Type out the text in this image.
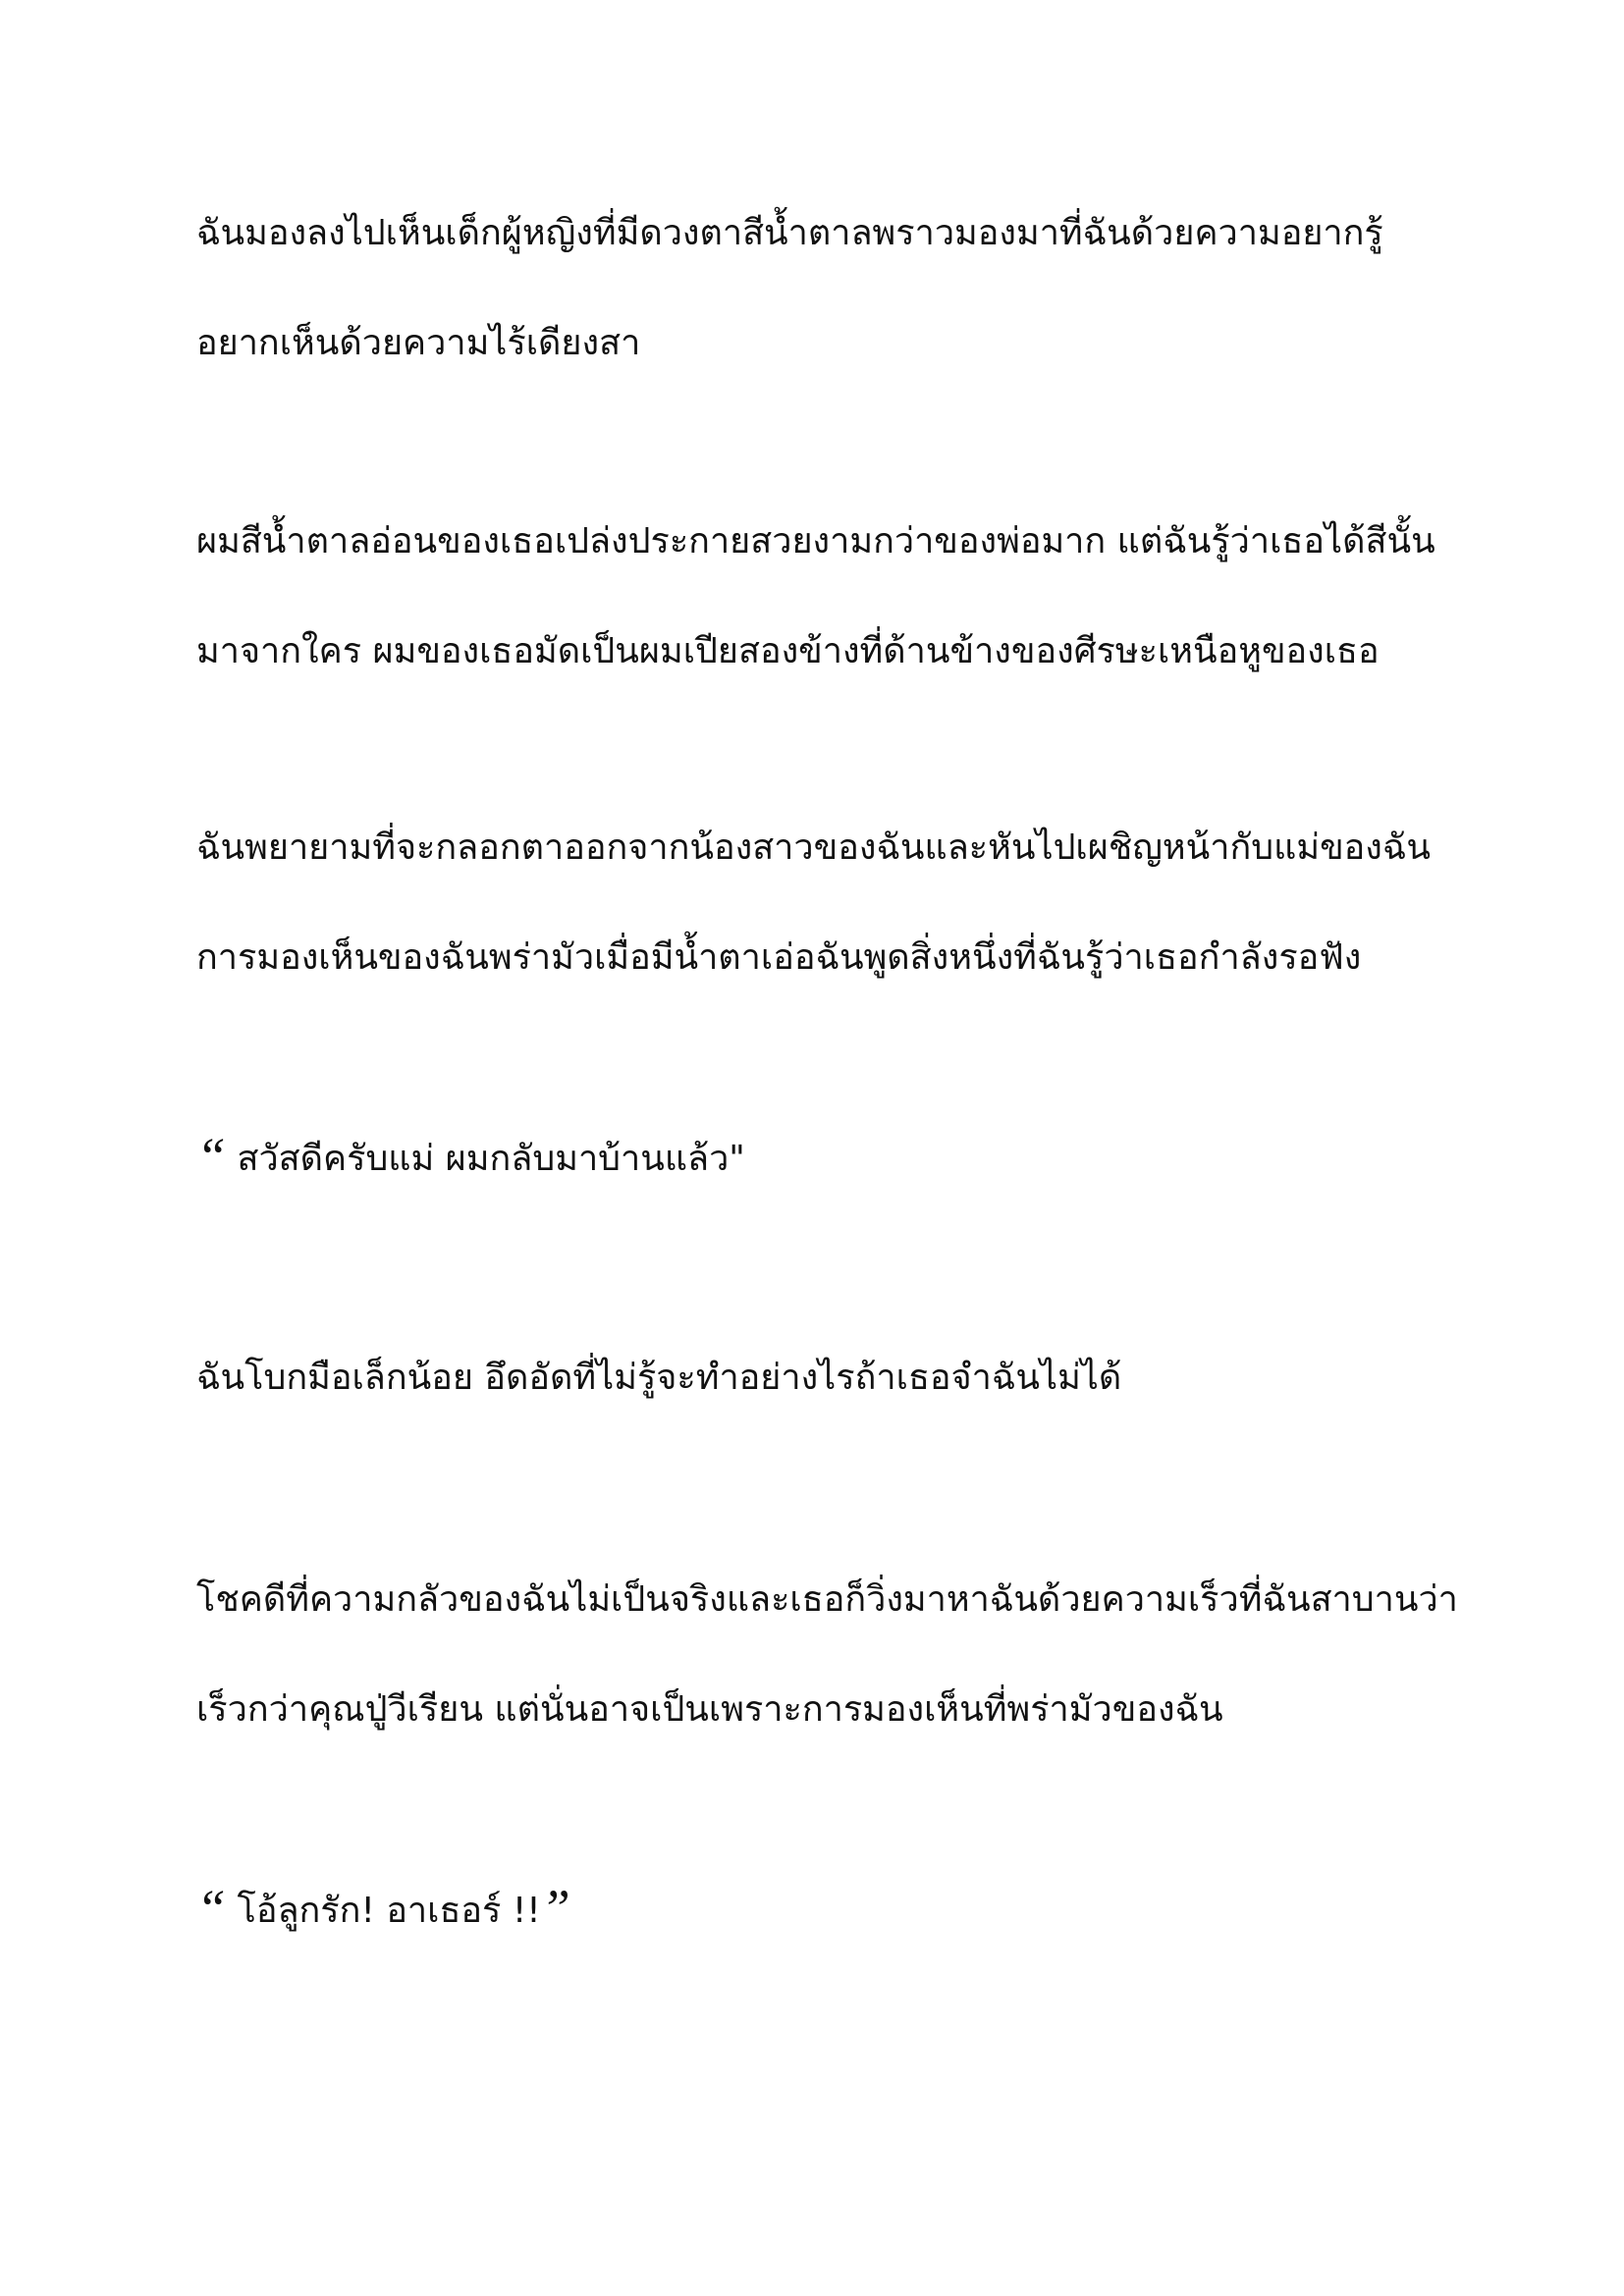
ฉันมองลงไปเห็นเด็กผู้หญิงที่มีดวงตาสีน้ำตาลพราวมองมาที่ฉันด้วยความอยากรู้
อยากเห็นด้วยความไร้เดียงสา

ผมสีน้ำตาลอ่อนของเธอเปล่งประกายสวยงามกว่าของพ่อมาก แต่ฉันรู้ว่าเธอได้สีนั้น
มาจากใคร ผมของเธอมัดเป็นผมเปียสองข้างที่ด้านข้างของศีรษะเหนือหูของเธอ

ฉันพยายามที่จะกลอกตาออกจากน้องสาวของฉันและหันไปเผชิญหน้ากับแม่ของฉัน
การมองเห็นของฉันพร่ามัวเมื่อมีน้ำตาเอ่อฉันพูดสิ่งหนึ่งที่ฉันรู้ว่าเธอกำลังรอฟัง

“ สวัสดีครับแม่ ผมกลับมาบ้านแล้ว"

ฉันโบกมือเล็กน้อย อึดอัดที่ไม่รู้จะทำอย่างไรถ้าเธอจำฉันไม่ได้

โชคดีที่ความกลัวของฉันไม่เป็นจริงและเธอก็วิ่งมาหาฉันด้วยความเร็วที่ฉันสาบานว่า
เร็วกว่าคุณปู่วีเรียน แต่นั่นอาจเป็นเพราะการมองเห็นที่พร่ามัวของฉัน

“ โอ้ลูกรัก! อาเธอร์ !!”
